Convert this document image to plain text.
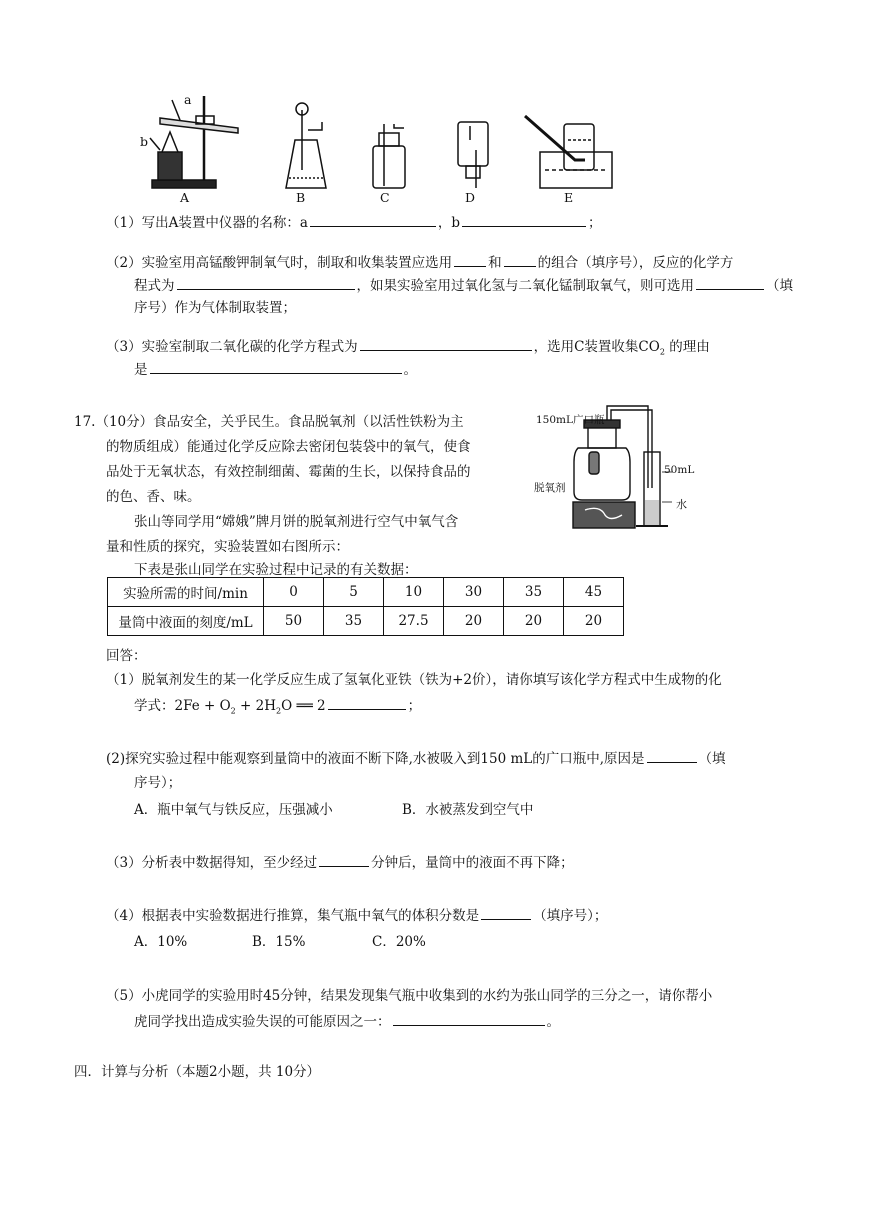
a
b
A	B	C	D	E
（1）写出A装置中仪器的名称：a	，b	；
（2）实验室用高锰酸钾制氧气时，制取和收集装置应选用	和	的组合（填序号），反应的化学方
程式为	，如果实验室用过氧化氢与二氧化锰制取氧气，则可选用	（填
序号）作为气体制取装置；
（3）实验室制取二氧化碳的化学方程式为	，选用C装置收集$CO_2$ 的理由
是	。
17.（10分）食品安全，关乎民生。食品脱氧剂（以活性铁粉为主
的物质组成）能通过化学反应除去密闭包装袋中的氧气，使食
品处于无氧状态，有效控制细菌、霉菌的生长，以保持食品的
的色、香、味。
张山等同学用“嫦娥”牌月饼的脱氧剂进行空气中氧气含
量和性质的探究，实验装置如右图所示：
下表是张山同学在实验过程中记录的有关数据：
150mL广口瓶
脱氧剂
50mL
水
实验所需的时间/min	0	5	10	30	35	45
量筒中液面的刻度/mL	50	35	27.5	20	20	20
回答：
（1）脱氧剂发生的某一化学反应生成了氢氧化亚铁（铁为+2价），请你填写该化学方程式中生成物的化
学式：$2Fe + O_2 + 2H_2O$ ══ 2	；
(2)探究实验过程中能观察到量筒中的液面不断下降,水被吸入到150 mL的广口瓶中,原因是	（填
序号）；
A．瓶中氧气与铁反应，压强减小	B．水被蒸发到空气中
（3）分析表中数据得知，至少经过	分钟后，量筒中的液面不再下降；
（4）根据表中实验数据进行推算，集气瓶中氧气的体积分数是	（填序号）；
A．10%	B．15%	C．20%
（5）小虎同学的实验用时45分钟，结果发现集气瓶中收集到的水约为张山同学的三分之一，请你帮小
虎同学找出造成实验失误的可能原因之一：	。
四．计算与分析（本题2小题，共 10分）
